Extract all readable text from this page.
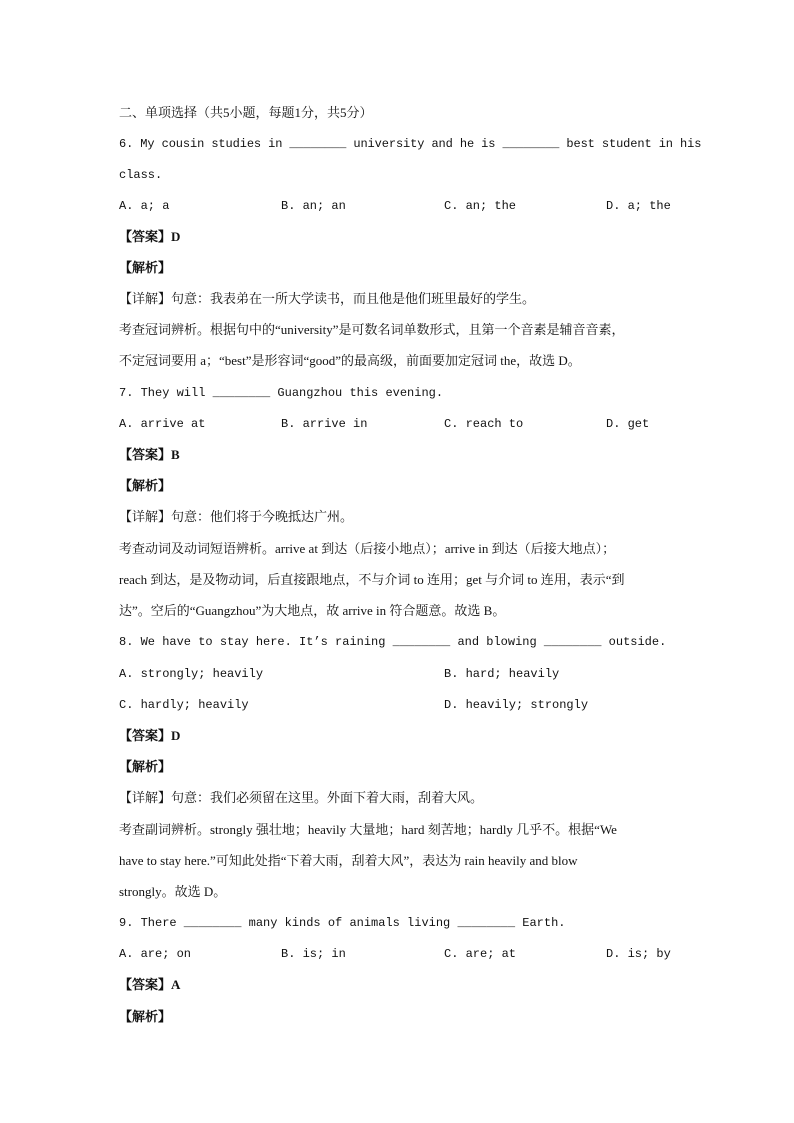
二、单项选择（共5小题，每题1分，共5分）
6. My cousin studies in ________ university and he is ________ best student in his
class.
A. a; a	B. an; an	C. an; the	D. a; the
【答案】D
【解析】
【详解】句意：我表弟在一所大学读书，而且他是他们班里最好的学生。
考查冠词辨析。根据句中的“university”是可数名词单数形式，且第一个音素是辅音音素，
不定冠词要用 a；“best”是形容词“good”的最高级，前面要加定冠词 the，故选 D。
7. They will ________ Guangzhou this evening.
A. arrive at	B. arrive in	C. reach to	D. get
【答案】B
【解析】
【详解】句意：他们将于今晚抵达广州。
考查动词及动词短语辨析。arrive at 到达（后接小地点）；arrive in 到达（后接大地点）；
reach 到达，是及物动词，后直接跟地点，不与介词 to 连用；get 与介词 to 连用，表示“到
达”。空后的“Guangzhou”为大地点，故 arrive in 符合题意。故选 B。
8. We have to stay here. It’s raining ________ and blowing ________ outside.
A. strongly; heavily	B. hard; heavily
C. hardly; heavily	D. heavily; strongly
【答案】D
【解析】
【详解】句意：我们必须留在这里。外面下着大雨，刮着大风。
考查副词辨析。strongly 强壮地；heavily 大量地；hard 刻苦地；hardly 几乎不。根据“We
have to stay here.”可知此处指“下着大雨，刮着大风”，表达为 rain heavily and blow
strongly。故选 D。
9. There ________ many kinds of animals living ________ Earth.
A. are; on	B. is; in	C. are; at	D. is; by
【答案】A
【解析】
